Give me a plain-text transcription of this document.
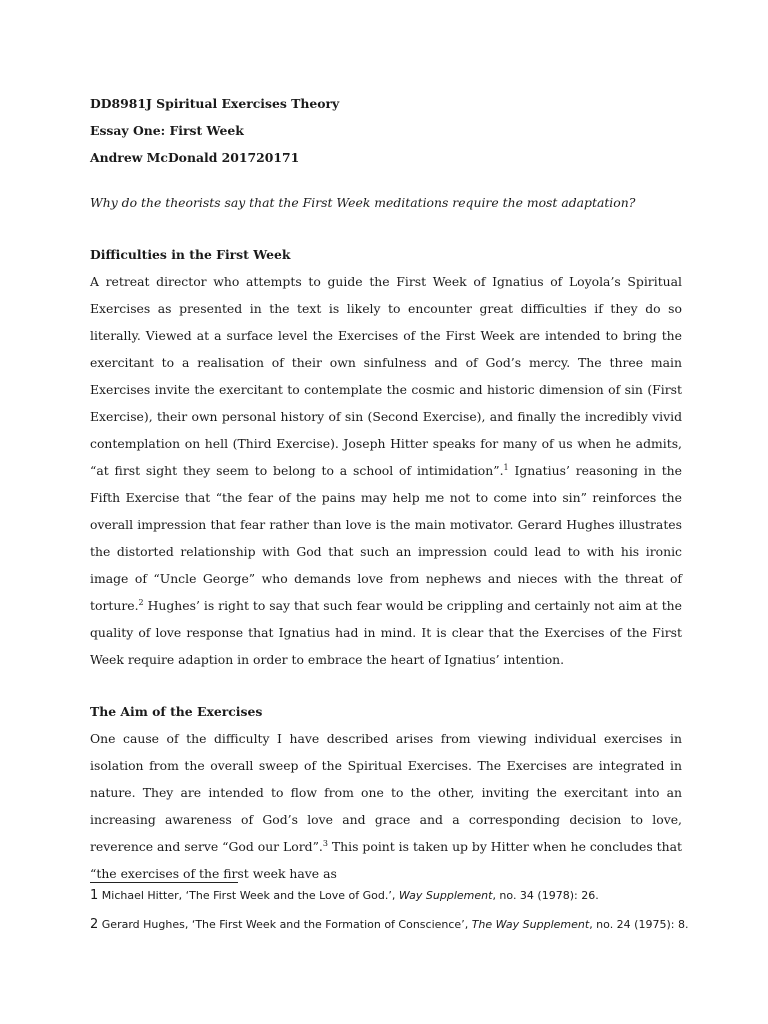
DD8981J Spiritual Exercises Theory
Essay One: First Week
Andrew McDonald 201720171
Why do the theorists say that the First Week meditations require the most adaptation?
Difficulties in the First Week
A retreat director who attempts to guide the First Week of Ignatius of Loyola’s Spiritual Exercises as presented in the text is likely to encounter great difficulties if they do so literally. Viewed at a surface level the Exercises of the First Week are intended to bring the exercitant to a realisation of their own sinfulness and of God’s mercy. The three main Exercises invite the exercitant to contemplate the cosmic and historic dimension of sin (First Exercise), their own personal history of sin (Second Exercise), and finally the incredibly vivid contemplation on hell (Third Exercise). Joseph Hitter speaks for many of us when he admits, “at first sight they seem to belong to a school of intimidation”.$^1$ Ignatius’ reasoning in the Fifth Exercise that “the fear of the pains may help me not to come into sin” reinforces the overall impression that fear rather than love is the main motivator. Gerard Hughes illustrates the distorted relationship with God that such an impression could lead to with his ironic image of “Uncle George” who demands love from nephews and nieces with the threat of torture.$^2$ Hughes’ is right to say that such fear would be crippling and certainly not aim at the quality of love response that Ignatius had in mind. It is clear that the Exercises of the First Week require adaption in order to embrace the heart of Ignatius’ intention.
The Aim of the Exercises
One cause of the difficulty I have described arises from viewing individual exercises in isolation from the overall sweep of the Spiritual Exercises. The Exercises are integrated in nature. They are intended to flow from one to the other, inviting the exercitant into an increasing awareness of God’s love and grace and a corresponding decision to love, reverence and serve “God our Lord”.$^3$ This point is taken up by Hitter when he concludes that “the exercises of the first week have as
1 Michael Hitter, ‘The First Week and the Love of God.’, Way Supplement, no. 34 (1978): 26.
2 Gerard Hughes, ‘The First Week and the Formation of Conscience’, The Way Supplement, no. 24 (1975): 8.
